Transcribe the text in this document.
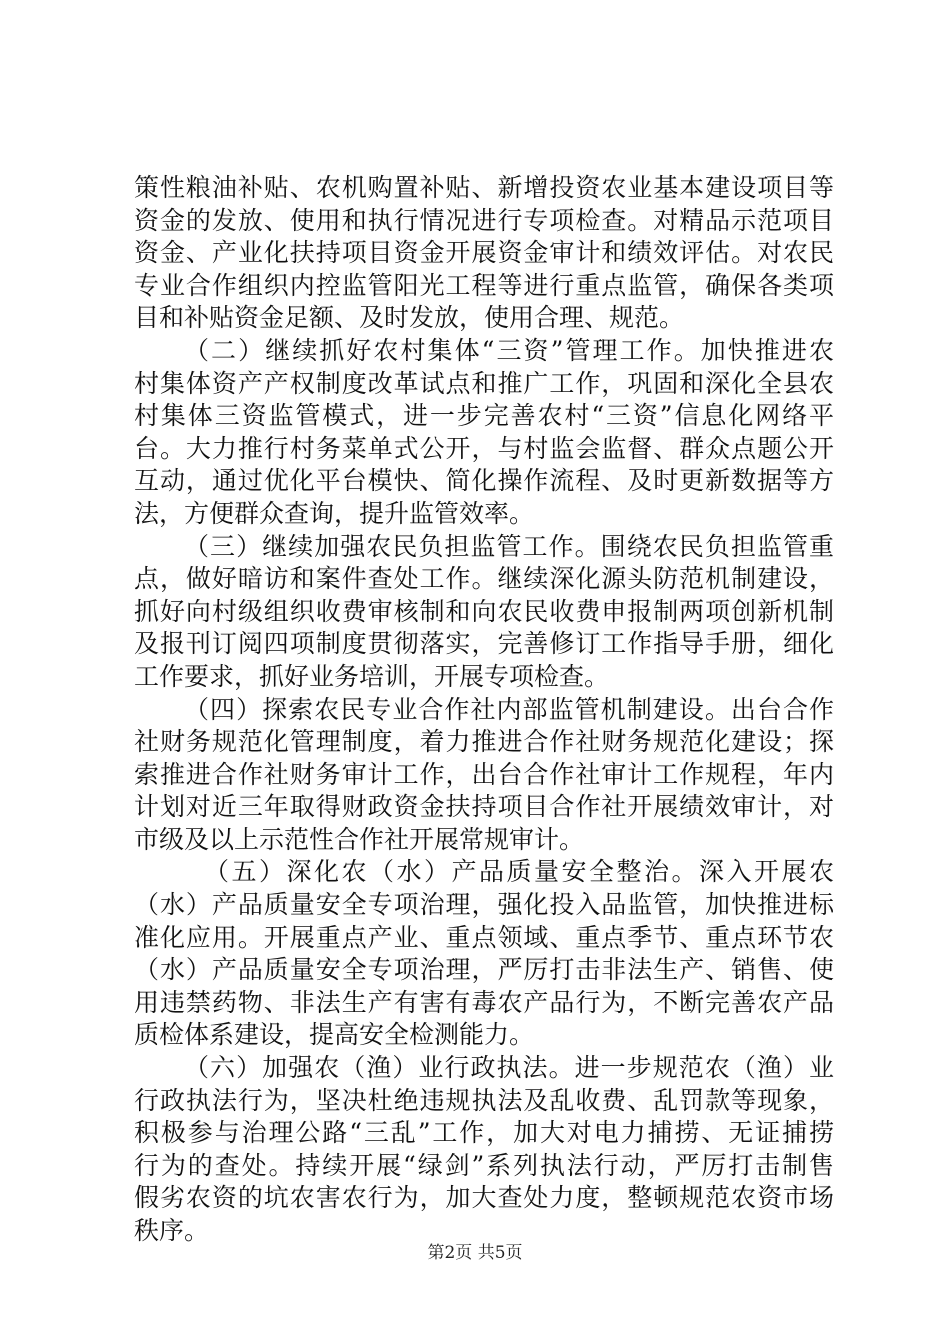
策性粮油补贴、农机购置补贴、新增投资农业基本建设项目等
资金的发放、使用和执行情况进行专项检查。对精品示范项目
资金、产业化扶持项目资金开展资金审计和绩效评估。对农民
专业合作组织内控监管阳光工程等进行重点监管，确保各类项
目和补贴资金足额、及时发放，使用合理、规范。
（二）继续抓好农村集体“三资”管理工作。加快推进农
村集体资产产权制度改革试点和推广工作，巩固和深化全县农
村集体三资监管模式，进一步完善农村“三资”信息化网络平
台。大力推行村务菜单式公开，与村监会监督、群众点题公开
互动，通过优化平台模快、简化操作流程、及时更新数据等方
法，方便群众查询，提升监管效率。
（三）继续加强农民负担监管工作。围绕农民负担监管重
点，做好暗访和案件查处工作。继续深化源头防范机制建设，
抓好向村级组织收费审核制和向农民收费申报制两项创新机制
及报刊订阅四项制度贯彻落实，完善修订工作指导手册，细化
工作要求，抓好业务培训，开展专项检查。
（四）探索农民专业合作社内部监管机制建设。出台合作
社财务规范化管理制度，着力推进合作社财务规范化建设；探
索推进合作社财务审计工作，出台合作社审计工作规程，年内
计划对近三年取得财政资金扶持项目合作社开展绩效审计，对
市级及以上示范性合作社开展常规审计。
（五）深化农（水）产品质量安全整治。深入开展农
（水）产品质量安全专项治理，强化投入品监管，加快推进标
准化应用。开展重点产业、重点领域、重点季节、重点环节农
（水）产品质量安全专项治理，严厉打击非法生产、销售、使
用违禁药物、非法生产有害有毒农产品行为，不断完善农产品
质检体系建设，提高安全检测能力。
（六）加强农（渔）业行政执法。进一步规范农（渔）业
行政执法行为，坚决杜绝违规执法及乱收费、乱罚款等现象，
积极参与治理公路“三乱”工作，加大对电力捕捞、无证捕捞
行为的查处。持续开展“绿剑”系列执法行动，严厉打击制售
假劣农资的坑农害农行为，加大查处力度，整顿规范农资市场
秩序。
第2页 共5页
